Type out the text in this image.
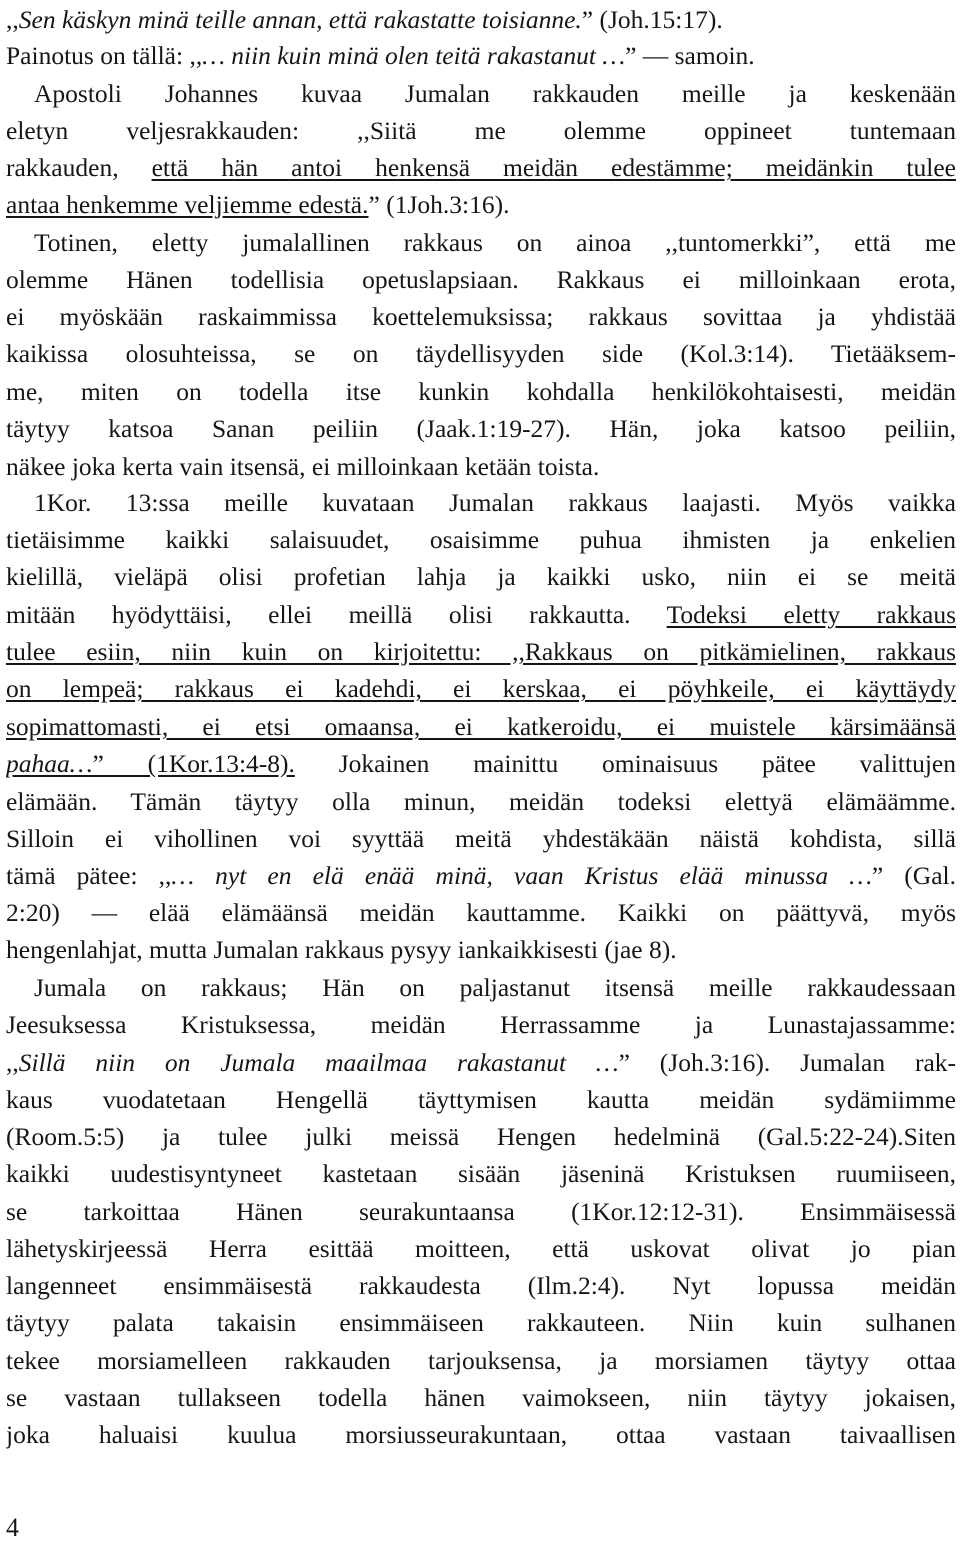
,,Sen käskyn minä teille annan, että rakastatte toisianne.” (Joh.15:17).
Painotus on tällä: ,,… niin kuin minä olen teitä rakastanut …” — samoin.
Apostoli Johannes kuvaa Jumalan rakkauden meille ja keskenään
eletyn veljesrakkauden: ,,Siitä me olemme oppineet tuntemaan
rakkauden, että hän antoi henkensä meidän edestämme; meidänkin tulee
antaa henkemme veljiemme edestä.” (1Joh.3:16).
Totinen, eletty jumalallinen rakkaus on ainoa ,,tuntomerkki”, että me
olemme Hänen todellisia opetuslapsiaan. Rakkaus ei milloinkaan erota,
ei myöskään raskaimmissa koettelemuksissa; rakkaus sovittaa ja yhdistää
kaikissa olosuhteissa, se on täydellisyyden side (Kol.3:14). Tietääksem-
me, miten on todella itse kunkin kohdalla henkilökohtaisesti, meidän
täytyy katsoa Sanan peiliin (Jaak.1:19-27). Hän, joka katsoo peiliin,
näkee joka kerta vain itsensä, ei milloinkaan ketään toista.
1Kor. 13:ssa meille kuvataan Jumalan rakkaus laajasti. Myös vaikka
tietäisimme kaikki salaisuudet, osaisimme puhua ihmisten ja enkelien
kielillä, vieläpä olisi profetian lahja ja kaikki usko, niin ei se meitä
mitään hyödyttäisi, ellei meillä olisi rakkautta. Todeksi eletty rakkaus
tulee esiin, niin kuin on kirjoitettu: ,,Rakkaus on pitkämielinen, rakkaus
on lempeä; rakkaus ei kadehdi, ei kerskaa, ei pöyhkeile, ei käyttäydy
sopimattomasti, ei etsi omaansa, ei katkeroidu, ei muistele kärsimäänsä
pahaa…” (1Kor.13:4-8). Jokainen mainittu ominaisuus pätee valittujen
elämään. Tämän täytyy olla minun, meidän todeksi elettyä elämäämme.
Silloin ei vihollinen voi syyttää meitä yhdestäkään näistä kohdista, sillä
tämä pätee: ,,… nyt en elä enää minä, vaan Kristus elää minussa …” (Gal.
2:20) — elää elämäänsä meidän kauttamme. Kaikki on päättyvä, myös
hengenlahjat, mutta Jumalan rakkaus pysyy iankaikkisesti (jae 8).
Jumala on rakkaus; Hän on paljastanut itsensä meille rakkaudessaan
Jeesuksessa Kristuksessa, meidän Herrassamme ja Lunastajassamme:
,,Sillä niin on Jumala maailmaa rakastanut …” (Joh.3:16). Jumalan rak-
kaus vuodatetaan Hengellä täyttymisen kautta meidän sydämiimme
(Room.5:5) ja tulee julki meissä Hengen hedelminä (Gal.5:22-24).Siten
kaikki uudestisyntyneet kastetaan sisään jäseninä Kristuksen ruumiiseen,
se tarkoittaa Hänen seurakuntaansa (1Kor.12:12-31). Ensimmäisessä
lähetyskirjeessä Herra esittää moitteen, että uskovat olivat jo pian
langenneet ensimmäisestä rakkaudesta (Ilm.2:4). Nyt lopussa meidän
täytyy palata takaisin ensimmäiseen rakkauteen. Niin kuin sulhanen
tekee morsiamelleen rakkauden tarjouksensa, ja morsiamen täytyy ottaa
se vastaan tullakseen todella hänen vaimokseen, niin täytyy jokaisen,
joka haluaisi kuulua morsiusseurakuntaan, ottaa vastaan taivaallisen
4
